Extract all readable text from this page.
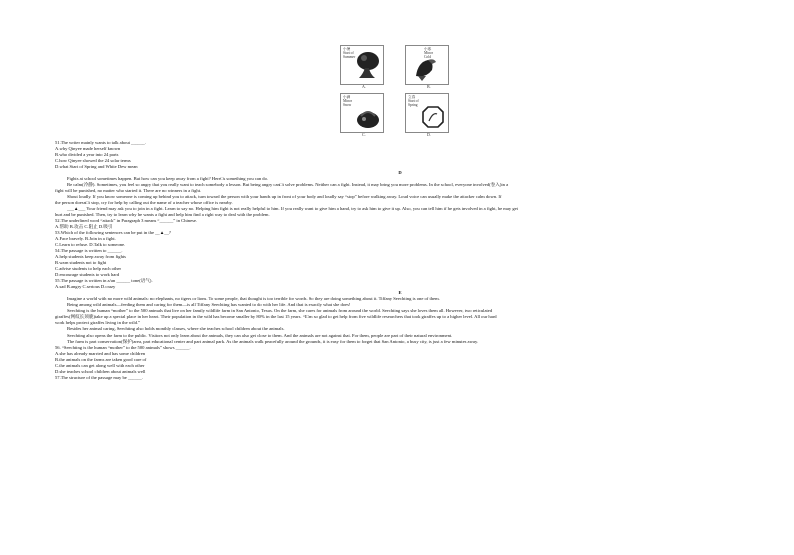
小暑
Start of
Summer
A.
小寒
Minor
Cold
B.
小满
Minor
Snow
C.
立春
Start of
Spring
D.

51.The writer mainly wants to talk about ______.

A.why Qinyee made herself known

B.who divided a year into 24 parts

C.how Qinyee showed the 24 solar terms

D.what Start of Spring and White Dew mean

D

Fights at school sometimes happen. But how can you keep away from a fight? Here□s something you can do.

Be calm(冷静). Sometimes, you feel so angry that you really want to teach somebody a lesson. But being angry can□t solve problems. Neither can a fight. Instead, it may bring you more problems. In the school, everyone involved(卷入)in a

fight will be punished, no matter who started it. There are no winners in a fight.

Shout loudly. If you know someone is coming up behind you to attack, turn toward the person with your hands up in front of your body and loudly say “stop” before walking away. Loud voice can usually make the attacker calm down. If

the person doesn□t stop, cry for help by calling out the name of a teacher whose office is nearby.

___▲___ Your friend may ask you to join in a fight. Learn to say no. Helping him fight is not really helpful to him. If you really want to give him a hand, try to ask him to give it up. Also, you can tell him if he gets involved in a fight, he may get

hurt and be punished. Then, try to learn why he wants a fight and help him find a right way to deal with the problem.

52.The underlined word “attack” in Paragraph 3 means “______” in Chinese.

A.帮助 B.攻击 C.阻止 D.吸引

53.Which of the following sentences can be put in the __▲__?

A.Face bravely. B.Join in a fight.

C.Learn to refuse. D.Talk to someone.

54.The passage is written to ______.

A.help students keep away from fights

B.warn students not to fight

C.advise students to help each other

D.encourage students to work hard

55.The passage is written in a/an ______ tone(语气).

A.sad B.angry C.serious D.crazy

E

Imagine a world with no more wild animals: no elephants, no tigers or lions. To some people, that thought is too terrible for words. So they are doing something about it. Tiffany Seechting is one of them.

Being among wild animals—feeding them and caring for them—is all Tiffany Seechting has wanted to do with her life. And that is exactly what she does!

Seechting is the human “mother” to the 500 animals that live on her family wildlife farm in San Antonio, Texas. On the farm, she cares for animals from around the world. Seechting says she loves them all. However, two reticulated

giraffes(网纹长颈鹿)take up a special place in her heart. Their population in the wild has become smaller by 80% in the last 15 years. “I□m so glad to get help from five wildlife researchers that took giraffes up to a higher level. All our hard

work helps protect giraffes living in the wild.”

Besides her animal caring, Seechting also holds monthly classes, where she teaches school children about the animals.

Seechting also opens the farm to the public. Visitors not only learn about the animals, they can also get close to them. And the animals are not against that. For them, people are part of their natural environment.

The farm is part conservation(保护)area, part educational center and part animal park. As the animals walk peacefully around the grounds, it is easy for them to forget that San Antonio, a busy city, is just a few minutes away.

56. “Seechting is the human “mother” to the 500 animals” shows ______.

A.she has already married and has some children

B.the animals on the farms are taken good care of

C.the animals can get along well with each other

D.she teaches school children about animals well

57.The structure of the passage may be ______.
